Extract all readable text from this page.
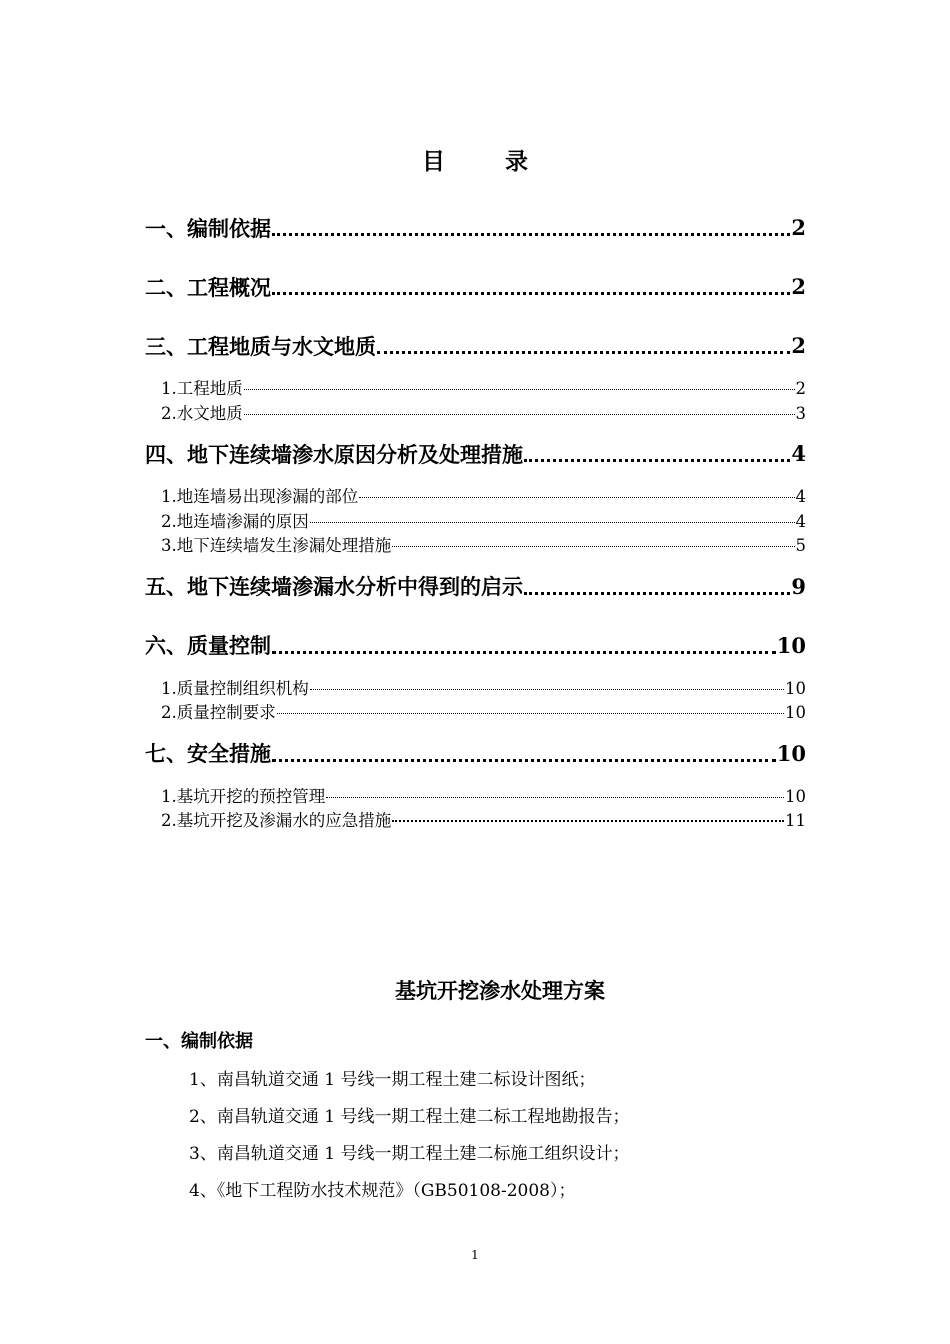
目录
一、编制依据	2
二、工程概况	2
三、工程地质与水文地质	2
1.工程地质	2
2.水文地质	3
四、地下连续墙渗水原因分析及处理措施	4
1.地连墙易出现渗漏的部位	4
2.地连墙渗漏的原因	4
3.地下连续墙发生渗漏处理措施	5
五、地下连续墙渗漏水分析中得到的启示	9
六、质量控制	10
1.质量控制组织机构	10
2.质量控制要求	10
七、安全措施	10
1.基坑开挖的预控管理	10
2.基坑开挖及渗漏水的应急措施	11
基坑开挖渗水处理方案
一、编制依据
1、南昌轨道交通 1 号线一期工程土建二标设计图纸；
2、南昌轨道交通 1 号线一期工程土建二标工程地勘报告；
3、南昌轨道交通 1 号线一期工程土建二标施工组织设计；
4、《地下工程防水技术规范》（GB50108-2008）；
1
